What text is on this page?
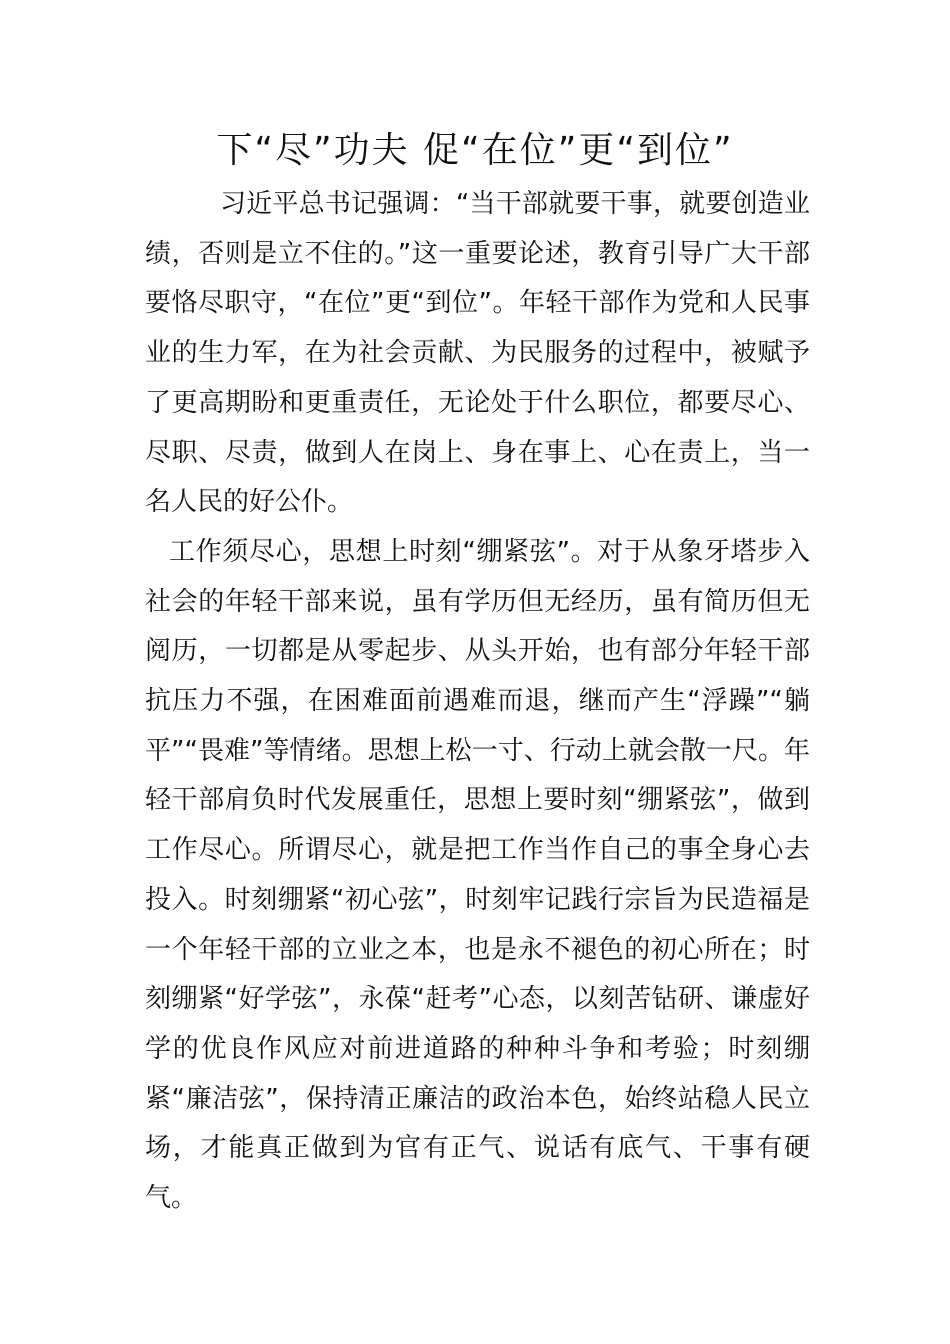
下“尽”功夫 促“在位”更“到位”

习近平总书记强调：“当干部就要干事，就要创造业绩，否则是立不住的。”这一重要论述，教育引导广大干部要恪尽职守，“在位”更“到位”。年轻干部作为党和人民事业的生力军，在为社会贡献、为民服务的过程中，被赋予了更高期盼和更重责任，无论处于什么职位，都要尽心、尽职、尽责，做到人在岗上、身在事上、心在责上，当一名人民的好公仆。

工作须尽心，思想上时刻“绷紧弦”。对于从象牙塔步入社会的年轻干部来说，虽有学历但无经历，虽有简历但无阅历，一切都是从零起步、从头开始，也有部分年轻干部抗压力不强，在困难面前遇难而退，继而产生“浮躁”“躺平”“畏难”等情绪。思想上松一寸、行动上就会散一尺。年轻干部肩负时代发展重任，思想上要时刻“绷紧弦”，做到工作尽心。所谓尽心，就是把工作当作自己的事全身心去投入。时刻绷紧“初心弦”，时刻牢记践行宗旨为民造福是一个年轻干部的立业之本，也是永不褪色的初心所在；时刻绷紧“好学弦”，永葆“赶考”心态，以刻苦钻研、谦虚好学的优良作风应对前进道路的种种斗争和考验；时刻绷紧“廉洁弦”，保持清正廉洁的政治本色，始终站稳人民立场，才能真正做到为官有正气、说话有底气、干事有硬气。
